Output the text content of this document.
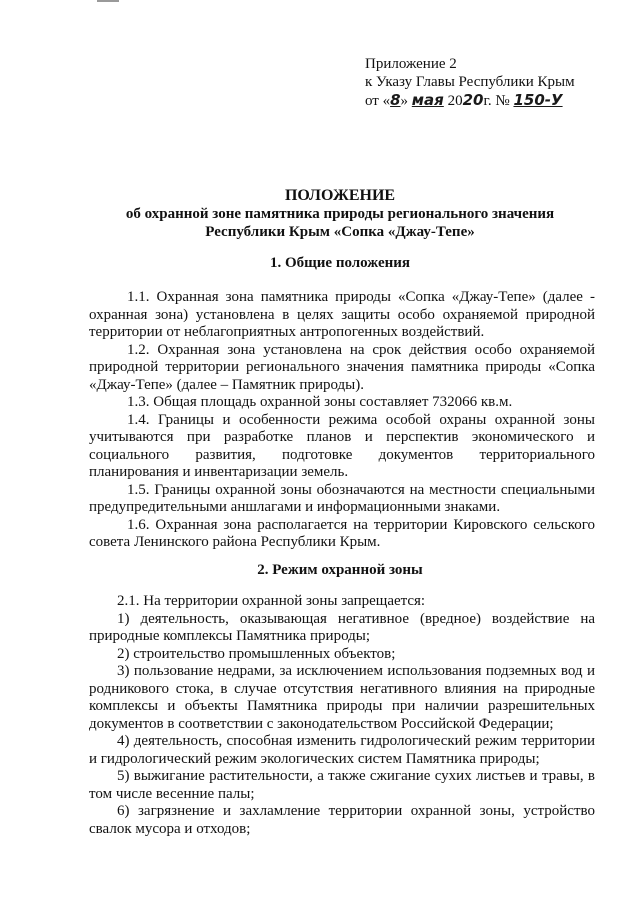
Приложение 2
к Указу Главы Республики Крым
от «8» мая 2020г. № 150-У
ПОЛОЖЕНИЕ
об охранной зоне памятника природы регионального значения
Республики Крым «Сопка «Джау-Тепе»
1. Общие положения

1.1. Охранная зона памятника природы «Сопка «Джау-Тепе» (далее - охранная зона) установлена в целях защиты особо охраняемой природной территории от неблагоприятных антропогенных воздействий.

1.2. Охранная зона установлена на срок действия особо охраняемой природной территории регионального значения памятника природы «Сопка «Джау-Тепе» (далее – Памятник природы).

1.3. Общая площадь охранной зоны составляет 732066 кв.м.

1.4. Границы и особенности режима особой охраны охранной зоны учитываются при разработке планов и перспектив экономического и социального развития, подготовке документов территориального планирования и инвентаризации земель.

1.5. Границы охранной зоны обозначаются на местности специальными предупредительными аншлагами и информационными знаками.

1.6. Охранная зона располагается на территории Кировского сельского совета Ленинского района Республики Крым.

2. Режим охранной зоны

2.1. На территории охранной зоны запрещается:

1) деятельность, оказывающая негативное (вредное) воздействие на природные комплексы Памятника природы;

2) строительство промышленных объектов;

3) пользование недрами, за исключением использования подземных вод и родникового стока, в случае отсутствия негативного влияния на природные комплексы и объекты Памятника природы при наличии разрешительных документов в соответствии с законодательством Российской Федерации;

4) деятельность, способная изменить гидрологический режим территории и гидрологический режим экологических систем Памятника природы;

5) выжигание растительности, а также сжигание сухих листьев и травы, в том числе весенние палы;

6) загрязнение и захламление территории охранной зоны, устройство свалок мусора и отходов;
